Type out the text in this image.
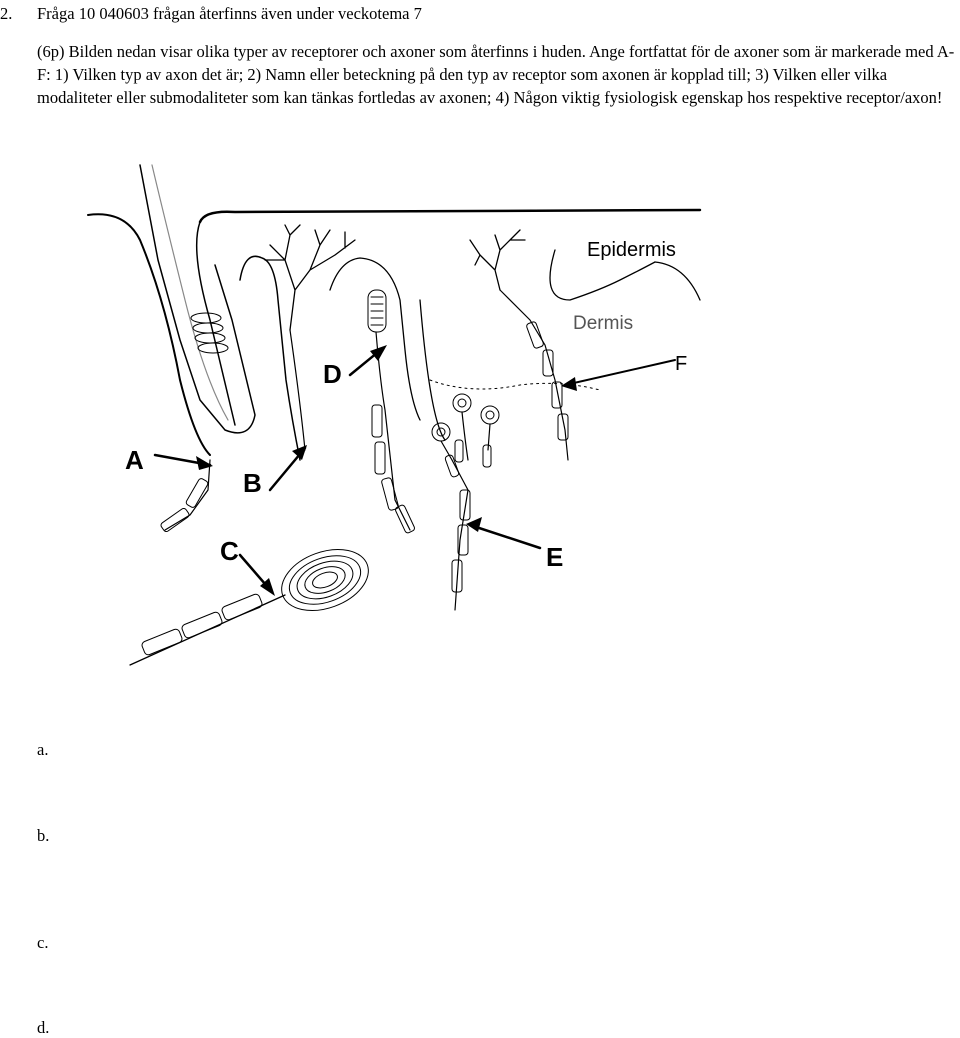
2. Fråga 10 040603 frågan återfinns även under veckotema 7
(6p) Bilden nedan visar olika typer av receptorer och axoner som återfinns i huden. Ange fortfattat för de axoner som är markerade med A-F: 1) Vilken typ av axon det är; 2) Namn eller beteckning på den typ av receptor som axonen är kopplad till; 3) Vilken eller vilka modaliteter eller submodaliteter som kan tänkas fortledas av axonen; 4) Någon viktig fysiologisk egenskap hos respektive receptor/axon!
Epidermis
Dermis
A
B
C
D
E
F
a.
b.
c.
d.
